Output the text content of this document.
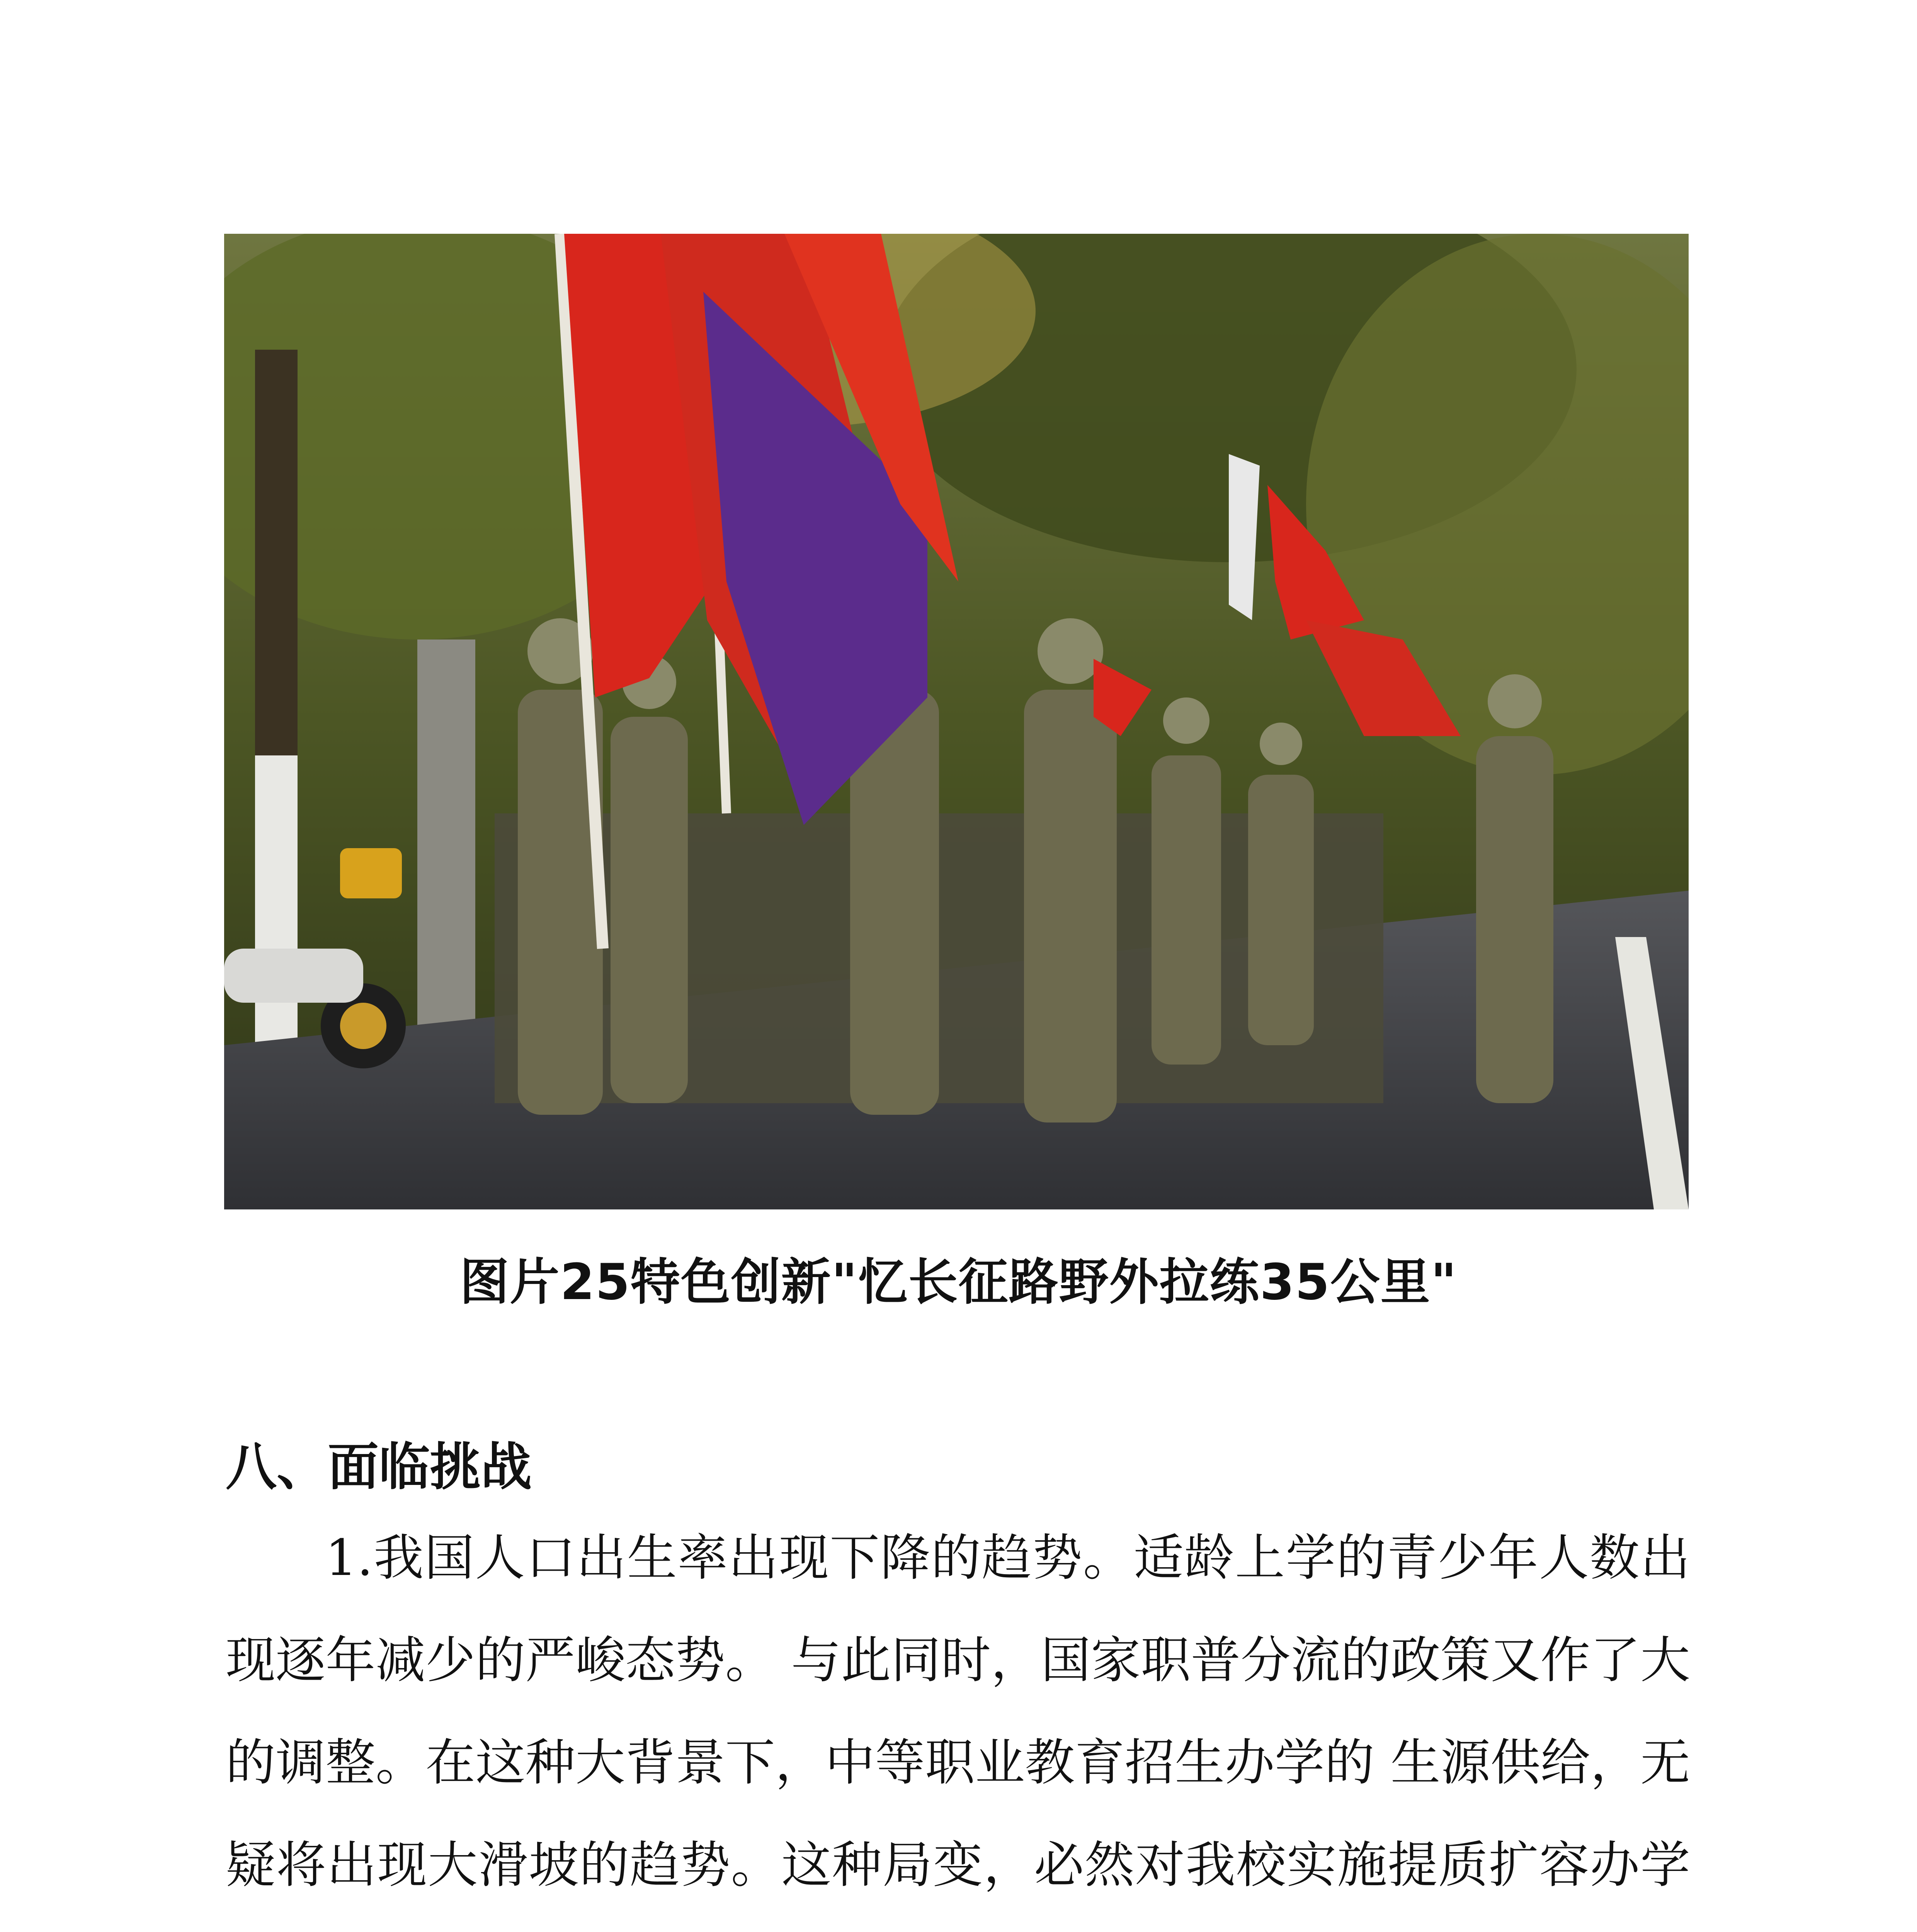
图片25特色创新"忆长征路野外拉练35公里"
八、面临挑战

1.我国人口出生率出现下降的趋势。适龄上学的青少年人数出现逐年减少的严峻态势。 与此同时，国家职普分流的政策又作了大的调整。在这种大背景下，中等职业教育招生办学的 生源供给，无疑将出现大滑坡的趋势。这种局变，必然对我校实施提质扩容办学
